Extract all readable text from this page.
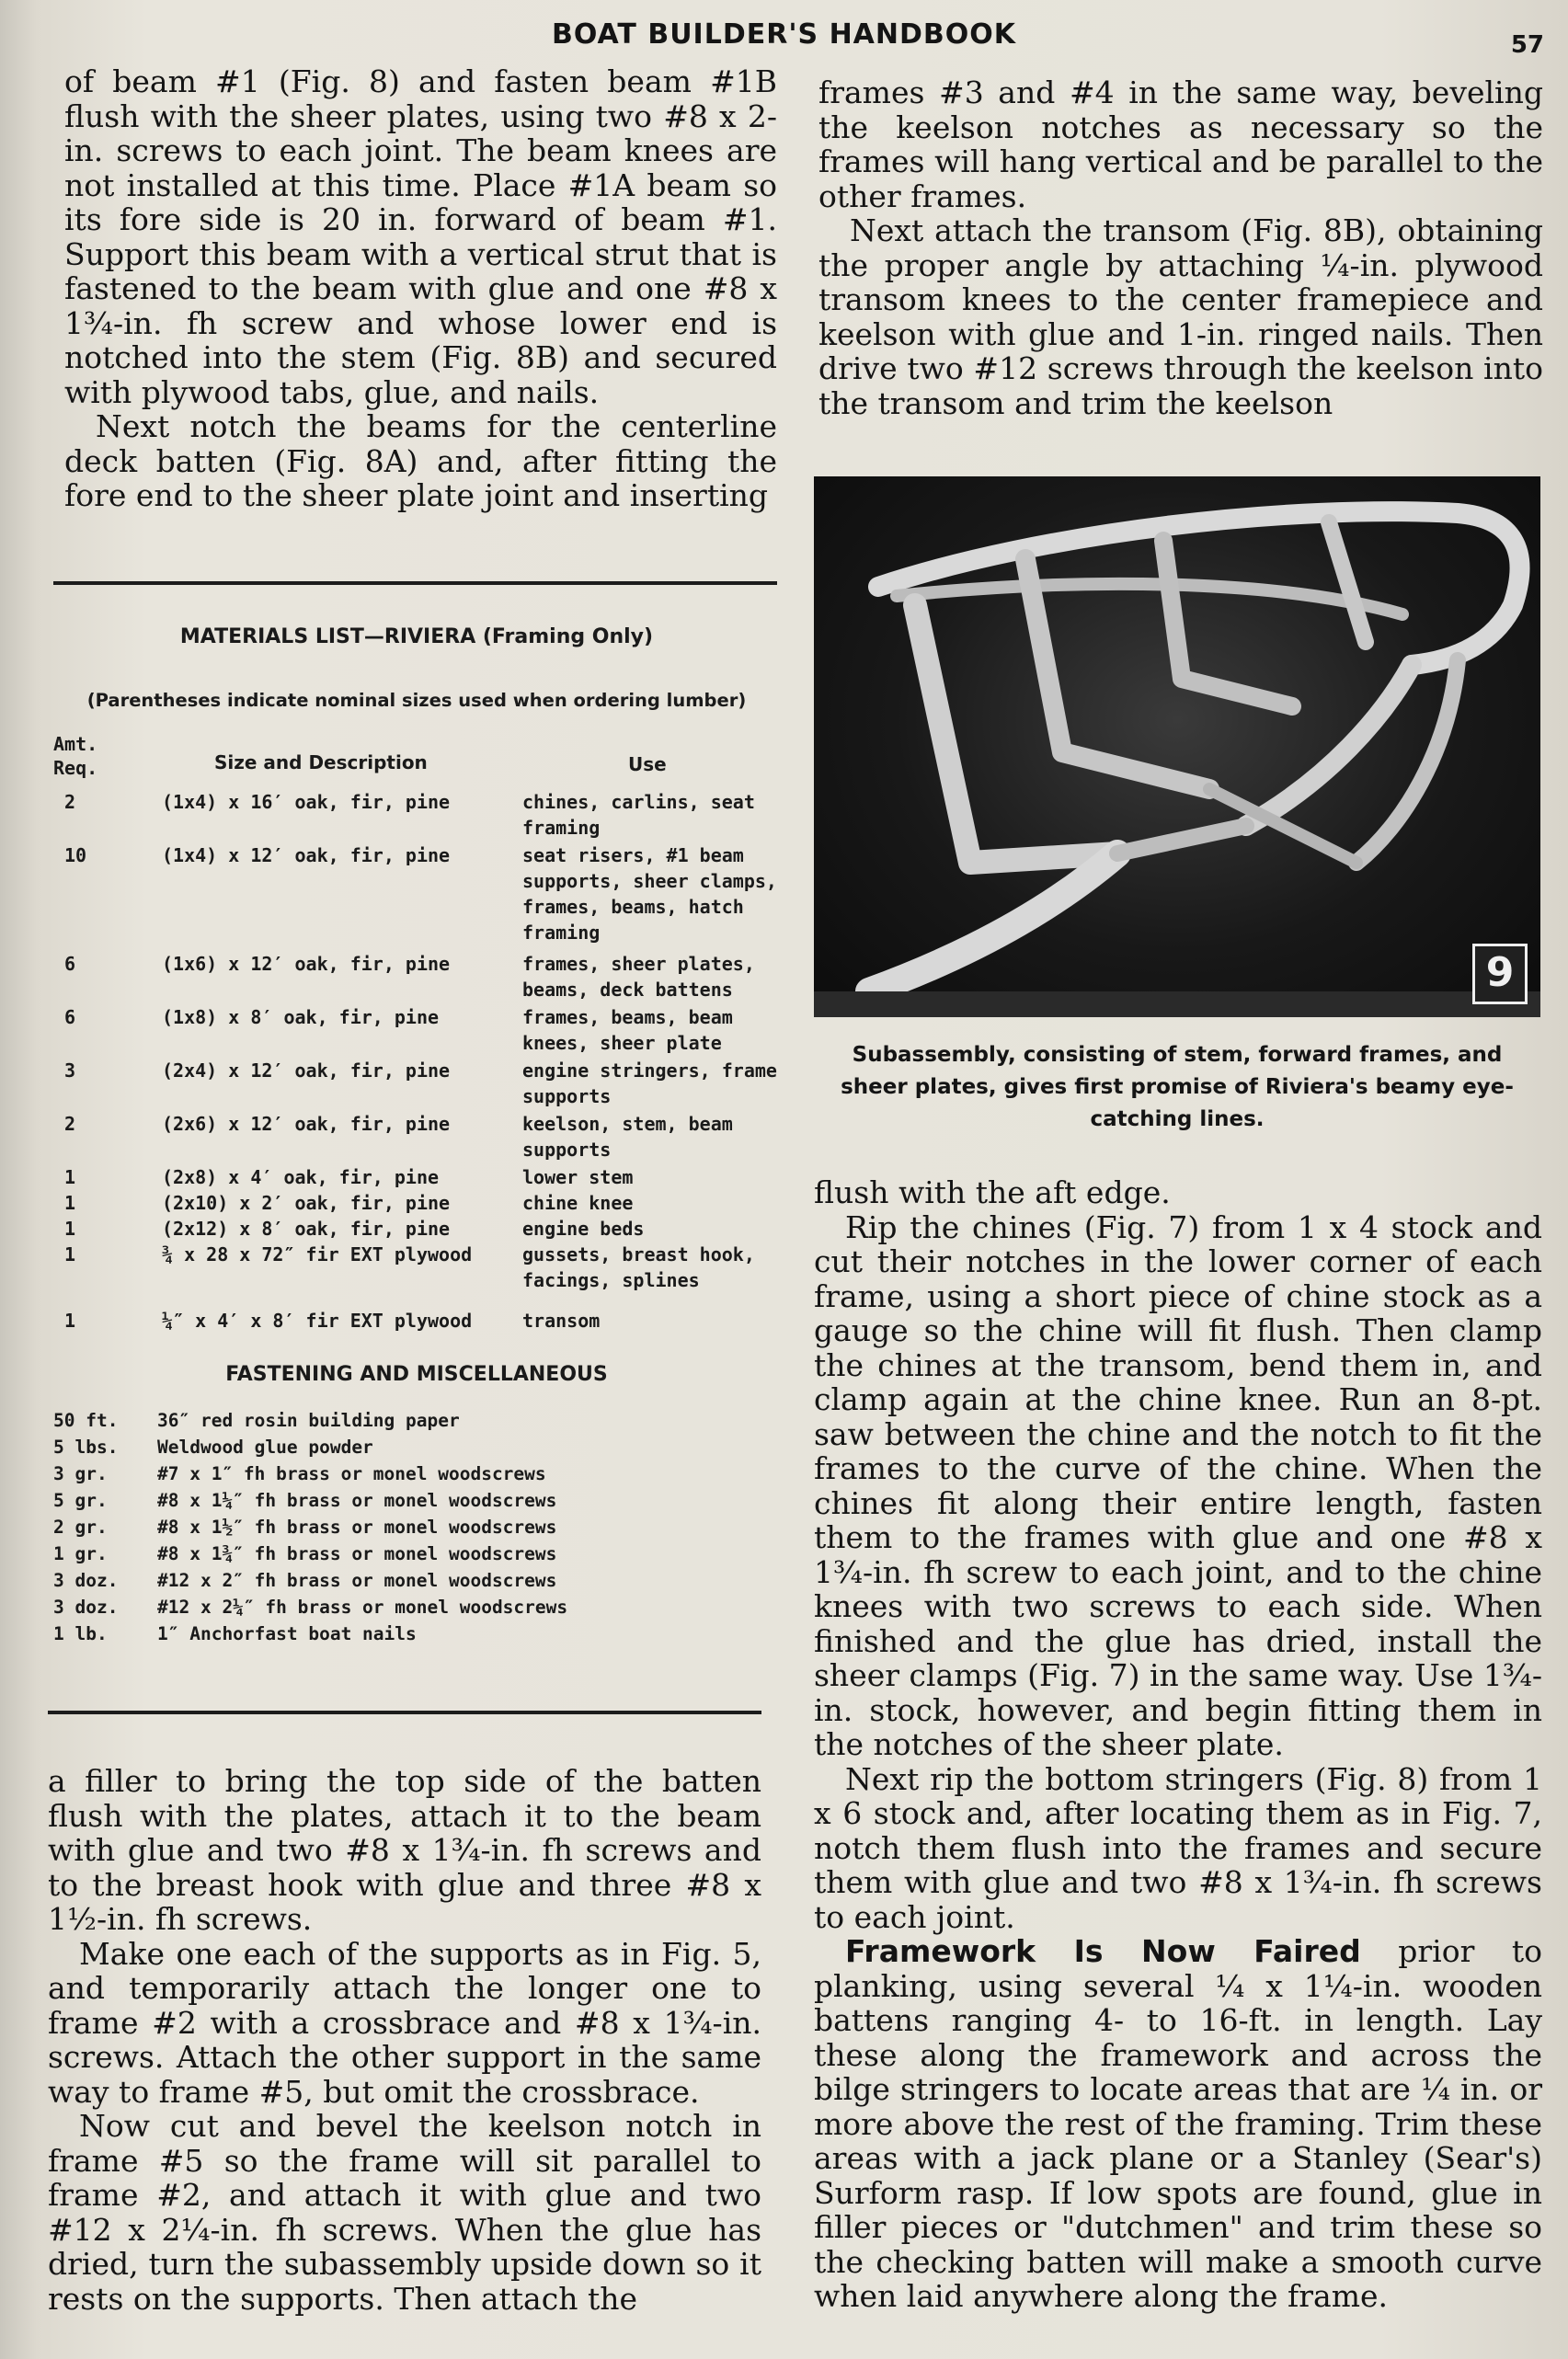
BOAT BUILDER'S HANDBOOK	57

of beam #1 (Fig. 8) and fasten beam #1B flush with the sheer plates, using two #8 x 2-in. screws to each joint. The beam knees are not installed at this time. Place #1A beam so its fore side is 20 in. forward of beam #1. Support this beam with a vertical strut that is fastened to the beam with glue and one #8 x 1¾-in. fh screw and whose lower end is notched into the stem (Fig. 8B) and secured with plywood tabs, glue, and nails.

Next notch the beams for the centerline deck batten (Fig. 8A) and, after fitting the fore end to the sheer plate joint and inserting

MATERIALS LIST—RIVIERA (Framing Only)
(Parentheses indicate nominal sizes used when ordering lumber)
Amt. Req.	Size and Description	Use
2	(1x4) x 16′ oak, fir, pine	chines, carlins, seat framing
10	(1x4) x 12′ oak, fir, pine	seat risers, #1 beam supports, sheer clamps, frames, beams, hatch framing
6	(1x6) x 12′ oak, fir, pine	frames, sheer plates, beams, deck battens
6	(1x8) x 8′ oak, fir, pine	frames, beams, beam knees, sheer plate
3	(2x4) x 12′ oak, fir, pine	engine stringers, frame supports
2	(2x6) x 12′ oak, fir, pine	keelson, stem, beam supports
1	(2x8) x 4′ oak, fir, pine	lower stem
1	(2x10) x 2′ oak, fir, pine	chine knee
1	(2x12) x 8′ oak, fir, pine	engine beds
1	¾ x 28 x 72″ fir EXT plywood	gussets, breast hook, facings, splines
1	¼″ x 4′ x 8′ fir EXT plywood	transom
FASTENING AND MISCELLANEOUS
50 ft. 36″ red rosin building paper
5 lbs. Weldwood glue powder
3 gr.	#7 x 1″ fh brass or monel woodscrews
5 gr.	#8 x 1¼″ fh brass or monel woodscrews
2 gr.	#8 x 1½″ fh brass or monel woodscrews
1 gr.	#8 x 1¾″ fh brass or monel woodscrews
3 doz. #12 x 2″ fh brass or monel woodscrews
3 doz. #12 x 2¼″ fh brass or monel woodscrews
1 lb.	1″ Anchorfast boat nails

a filler to bring the top side of the batten flush with the plates, attach it to the beam with glue and two #8 x 1¾-in. fh screws and to the breast hook with glue and three #8 x 1½-in. fh screws.

Make one each of the supports as in Fig. 5, and temporarily attach the longer one to frame #2 with a crossbrace and #8 x 1¾-in. screws. Attach the other support in the same way to frame #5, but omit the crossbrace.

Now cut and bevel the keelson notch in frame #5 so the frame will sit parallel to frame #2, and attach it with glue and two #12 x 2¼-in. fh screws. When the glue has dried, turn the subassembly upside down so it rests on the supports. Then attach the

frames #3 and #4 in the same way, beveling the keelson notches as necessary so the frames will hang vertical and be parallel to the other frames.

Next attach the transom (Fig. 8B), obtaining the proper angle by attaching ¼-in. plywood transom knees to the center framepiece and keelson with glue and 1-in. ringed nails. Then drive two #12 screws through the keelson into the transom and trim the keelson

9
Subassembly, consisting of stem, forward frames, and sheer plates, gives first promise of Riviera's beamy eye-catching lines.

flush with the aft edge.

Rip the chines (Fig. 7) from 1 x 4 stock and cut their notches in the lower corner of each frame, using a short piece of chine stock as a gauge so the chine will fit flush. Then clamp the chines at the transom, bend them in, and clamp again at the chine knee. Run an 8-pt. saw between the chine and the notch to fit the frames to the curve of the chine. When the chines fit along their entire length, fasten them to the frames with glue and one #8 x 1¾-in. fh screw to each joint, and to the chine knees with two screws to each side. When finished and the glue has dried, install the sheer clamps (Fig. 7) in the same way. Use 1¾-in. stock, however, and begin fitting them in the notches of the sheer plate.

Next rip the bottom stringers (Fig. 8) from 1 x 6 stock and, after locating them as in Fig. 7, notch them flush into the frames and secure them with glue and two #8 x 1¾-in. fh screws to each joint.

Framework Is Now Faired prior to planking, using several ¼ x 1¼-in. wooden battens ranging 4- to 16-ft. in length. Lay these along the framework and across the bilge stringers to locate areas that are ¼ in. or more above the rest of the framing. Trim these areas with a jack plane or a Stanley (Sear's) Surform rasp. If low spots are found, glue in filler pieces or "dutchmen" and trim these so the checking batten will make a smooth curve when laid anywhere along the frame.
